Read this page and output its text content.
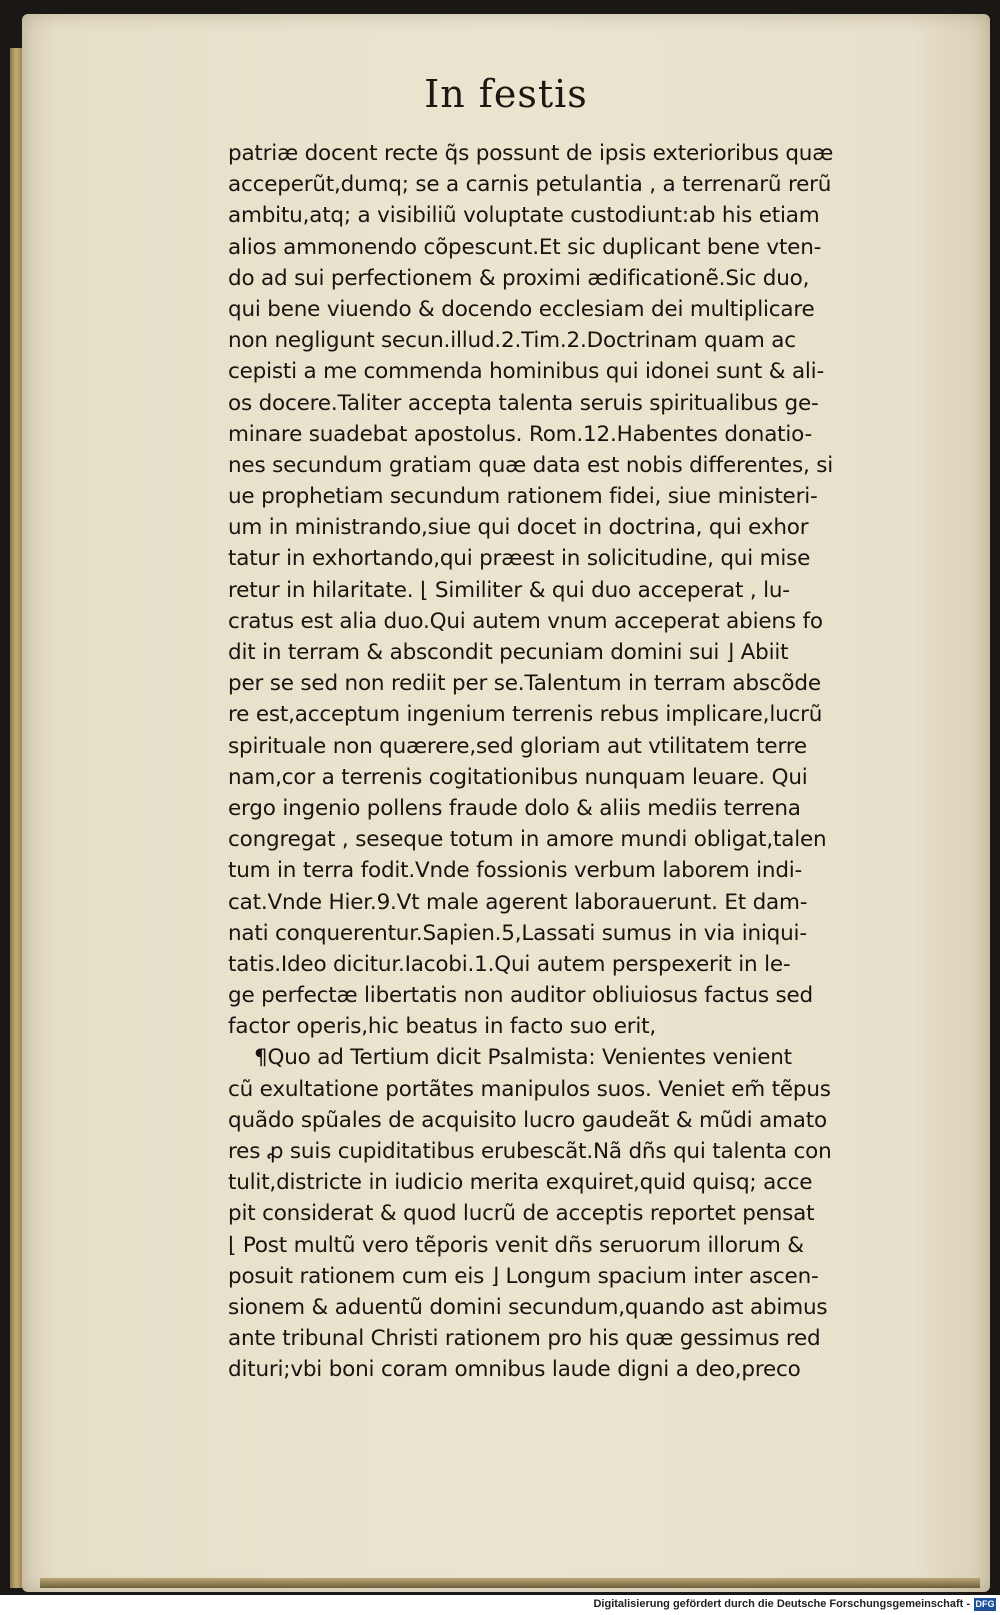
In festis
patriæ docent recte q̃s possunt de ipsis exterioribus quæ
acceperũt,dumq; se a carnis petulantia , a terrenarũ rerũ
ambitu,atq; a visibiliũ voluptate custodiunt:ab his etiam
alios ammonendo cõpescunt.Et sic duplicant bene vten-
do ad sui perfectionem & proximi ædificationẽ.Sic duo,
qui bene viuendo & docendo ecclesiam dei multiplicare
non negligunt secun.illud.2.Tim.2.Doctrinam quam ac
cepisti a me commenda hominibus qui idonei sunt & ali-
os docere.Taliter accepta talenta seruis spiritualibus ge-
minare suadebat apostolus. Rom.12.Habentes donatio-
nes secundum gratiam quæ data est nobis differentes, si
ue prophetiam secundum rationem fidei, siue ministeri-
um in ministrando,siue qui docet in doctrina, qui exhor
tatur in exhortando,qui præest in solicitudine, qui mise
retur in hilaritate. ⌊ Similiter & qui duo acceperat , lu-
cratus est alia duo.Qui autem vnum acceperat abiens fo
dit in terram & abscondit pecuniam domini sui ⌋ Abiit
per se sed non rediit per se.Talentum in terram abscõde
re est,acceptum ingenium terrenis rebus implicare,lucrũ
spirituale non quærere,sed gloriam aut vtilitatem terre
nam,cor a terrenis cogitationibus nunquam leuare. Qui
ergo ingenio pollens fraude dolo & aliis mediis terrena
congregat , seseque totum in amore mundi obligat,talen
tum in terra fodit.Vnde fossionis verbum laborem indi-
cat.Vnde Hier.9.Vt male agerent laborauerunt. Et dam-
nati conquerentur.Sapien.5,Lassati sumus in via iniqui-
tatis.Ideo dicitur.Iacobi.1.Qui autem perspexerit in le-
ge perfectæ libertatis non auditor obliuiosus factus sed
factor operis,hic beatus in facto suo erit,
¶Quo ad Tertium dicit Psalmista: Venientes venient
cũ exultatione portãtes manipulos suos. Veniet em̃ tẽpus
quãdo spũales de acquisito lucro gaudeãt & mũdi amato
res ꝓ suis cupiditatibus erubescãt.Nã dñs qui talenta con
tulit,districte in iudicio merita exquiret,quid quisq; acce
pit considerat & quod lucrũ de acceptis reportet pensat
⌊ Post multũ vero tẽporis venit dñs seruorum illorum &
posuit rationem cum eis ⌋ Longum spacium inter ascen-
sionem & aduentũ domini secundum,quando ast abimus
ante tribunal Christi rationem pro his quæ gessimus red
dituri;vbi boni coram omnibus laude digni a deo,preco
Digitalisierung gefördert durch die Deutsche Forschungsgemeinschaft - DFG
